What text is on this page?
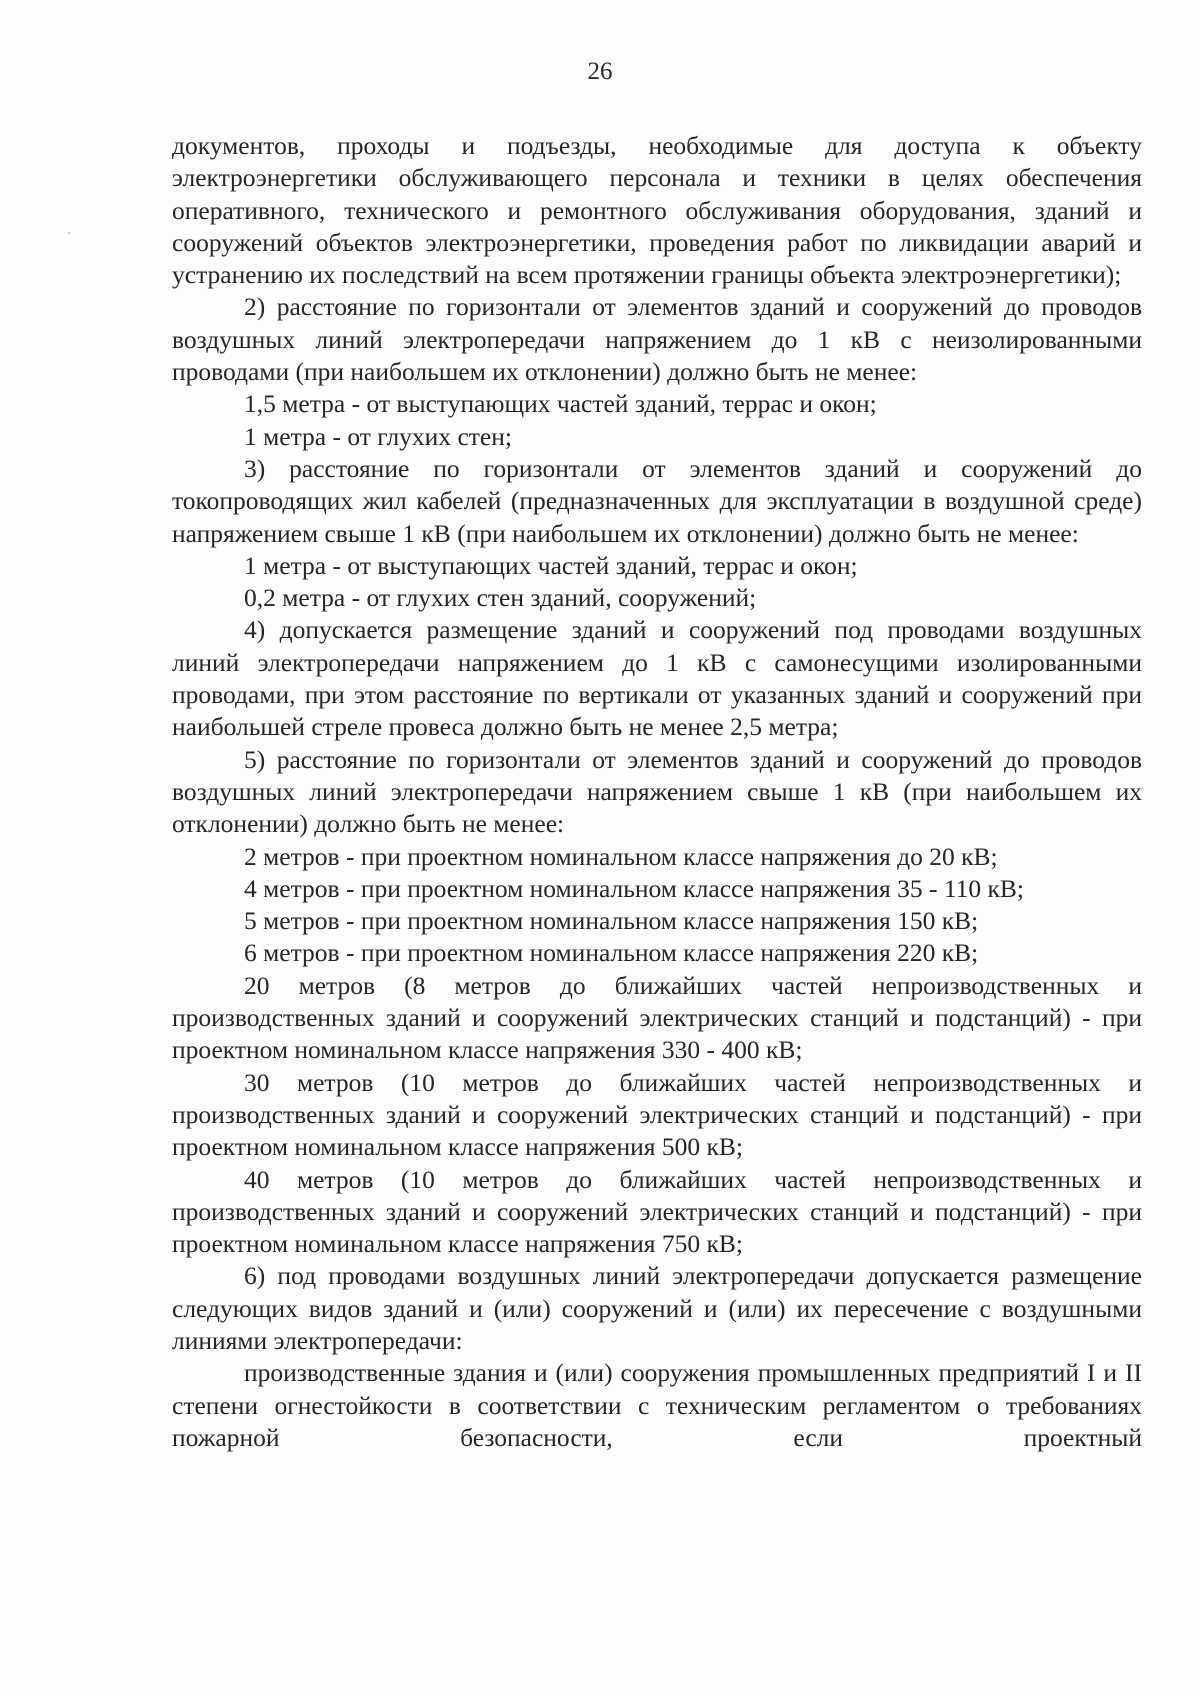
26

документов, проходы и подъезды, необходимые для доступа к объекту электроэнергетики обслуживающего персонала и техники в целях обеспечения оперативного, технического и ремонтного обслуживания оборудования, зданий и сооружений объектов электроэнергетики, проведения работ по ликвидации аварий и устранению их последствий на всем протяжении границы объекта электроэнергетики);

2) расстояние по горизонтали от элементов зданий и сооружений до проводов воздушных линий электропередачи напряжением до 1 кВ с неизолированными проводами (при наибольшем их отклонении) должно быть не менее:

1,5 метра - от выступающих частей зданий, террас и окон;

1 метра - от глухих стен;

3) расстояние по горизонтали от элементов зданий и сооружений до токопроводящих жил кабелей (предназначенных для эксплуатации в воздушной среде) напряжением свыше 1 кВ (при наибольшем их отклонении) должно быть не менее:

1 метра - от выступающих частей зданий, террас и окон;

0,2 метра - от глухих стен зданий, сооружений;

4) допускается размещение зданий и сооружений под проводами воздушных линий электропередачи напряжением до 1 кВ с самонесущими изолированными проводами, при этом расстояние по вертикали от указанных зданий и сооружений при наибольшей стреле провеса должно быть не менее 2,5 метра;

5) расстояние по горизонтали от элементов зданий и сооружений до проводов воздушных линий электропередачи напряжением свыше 1 кВ (при наибольшем их отклонении) должно быть не менее:

2 метров - при проектном номинальном классе напряжения до 20 кВ;

4 метров - при проектном номинальном классе напряжения 35 - 110 кВ;

5 метров - при проектном номинальном классе напряжения 150 кВ;

6 метров - при проектном номинальном классе напряжения 220 кВ;

20 метров (8 метров до ближайших частей непроизводственных и производственных зданий и сооружений электрических станций и подстанций) - при проектном номинальном классе напряжения 330 - 400 кВ;

30 метров (10 метров до ближайших частей непроизводственных и производственных зданий и сооружений электрических станций и подстанций) - при проектном номинальном классе напряжения 500 кВ;

40 метров (10 метров до ближайших частей непроизводственных и производственных зданий и сооружений электрических станций и подстанций) - при проектном номинальном классе напряжения 750 кВ;

6) под проводами воздушных линий электропередачи допускается размещение следующих видов зданий и (или) сооружений и (или) их пересечение с воздушными линиями электропередачи:

производственные здания и (или) сооружения промышленных предприятий I и II степени огнестойкости в соответствии с техническим регламентом о требованиях пожарной безопасности, если проектный
